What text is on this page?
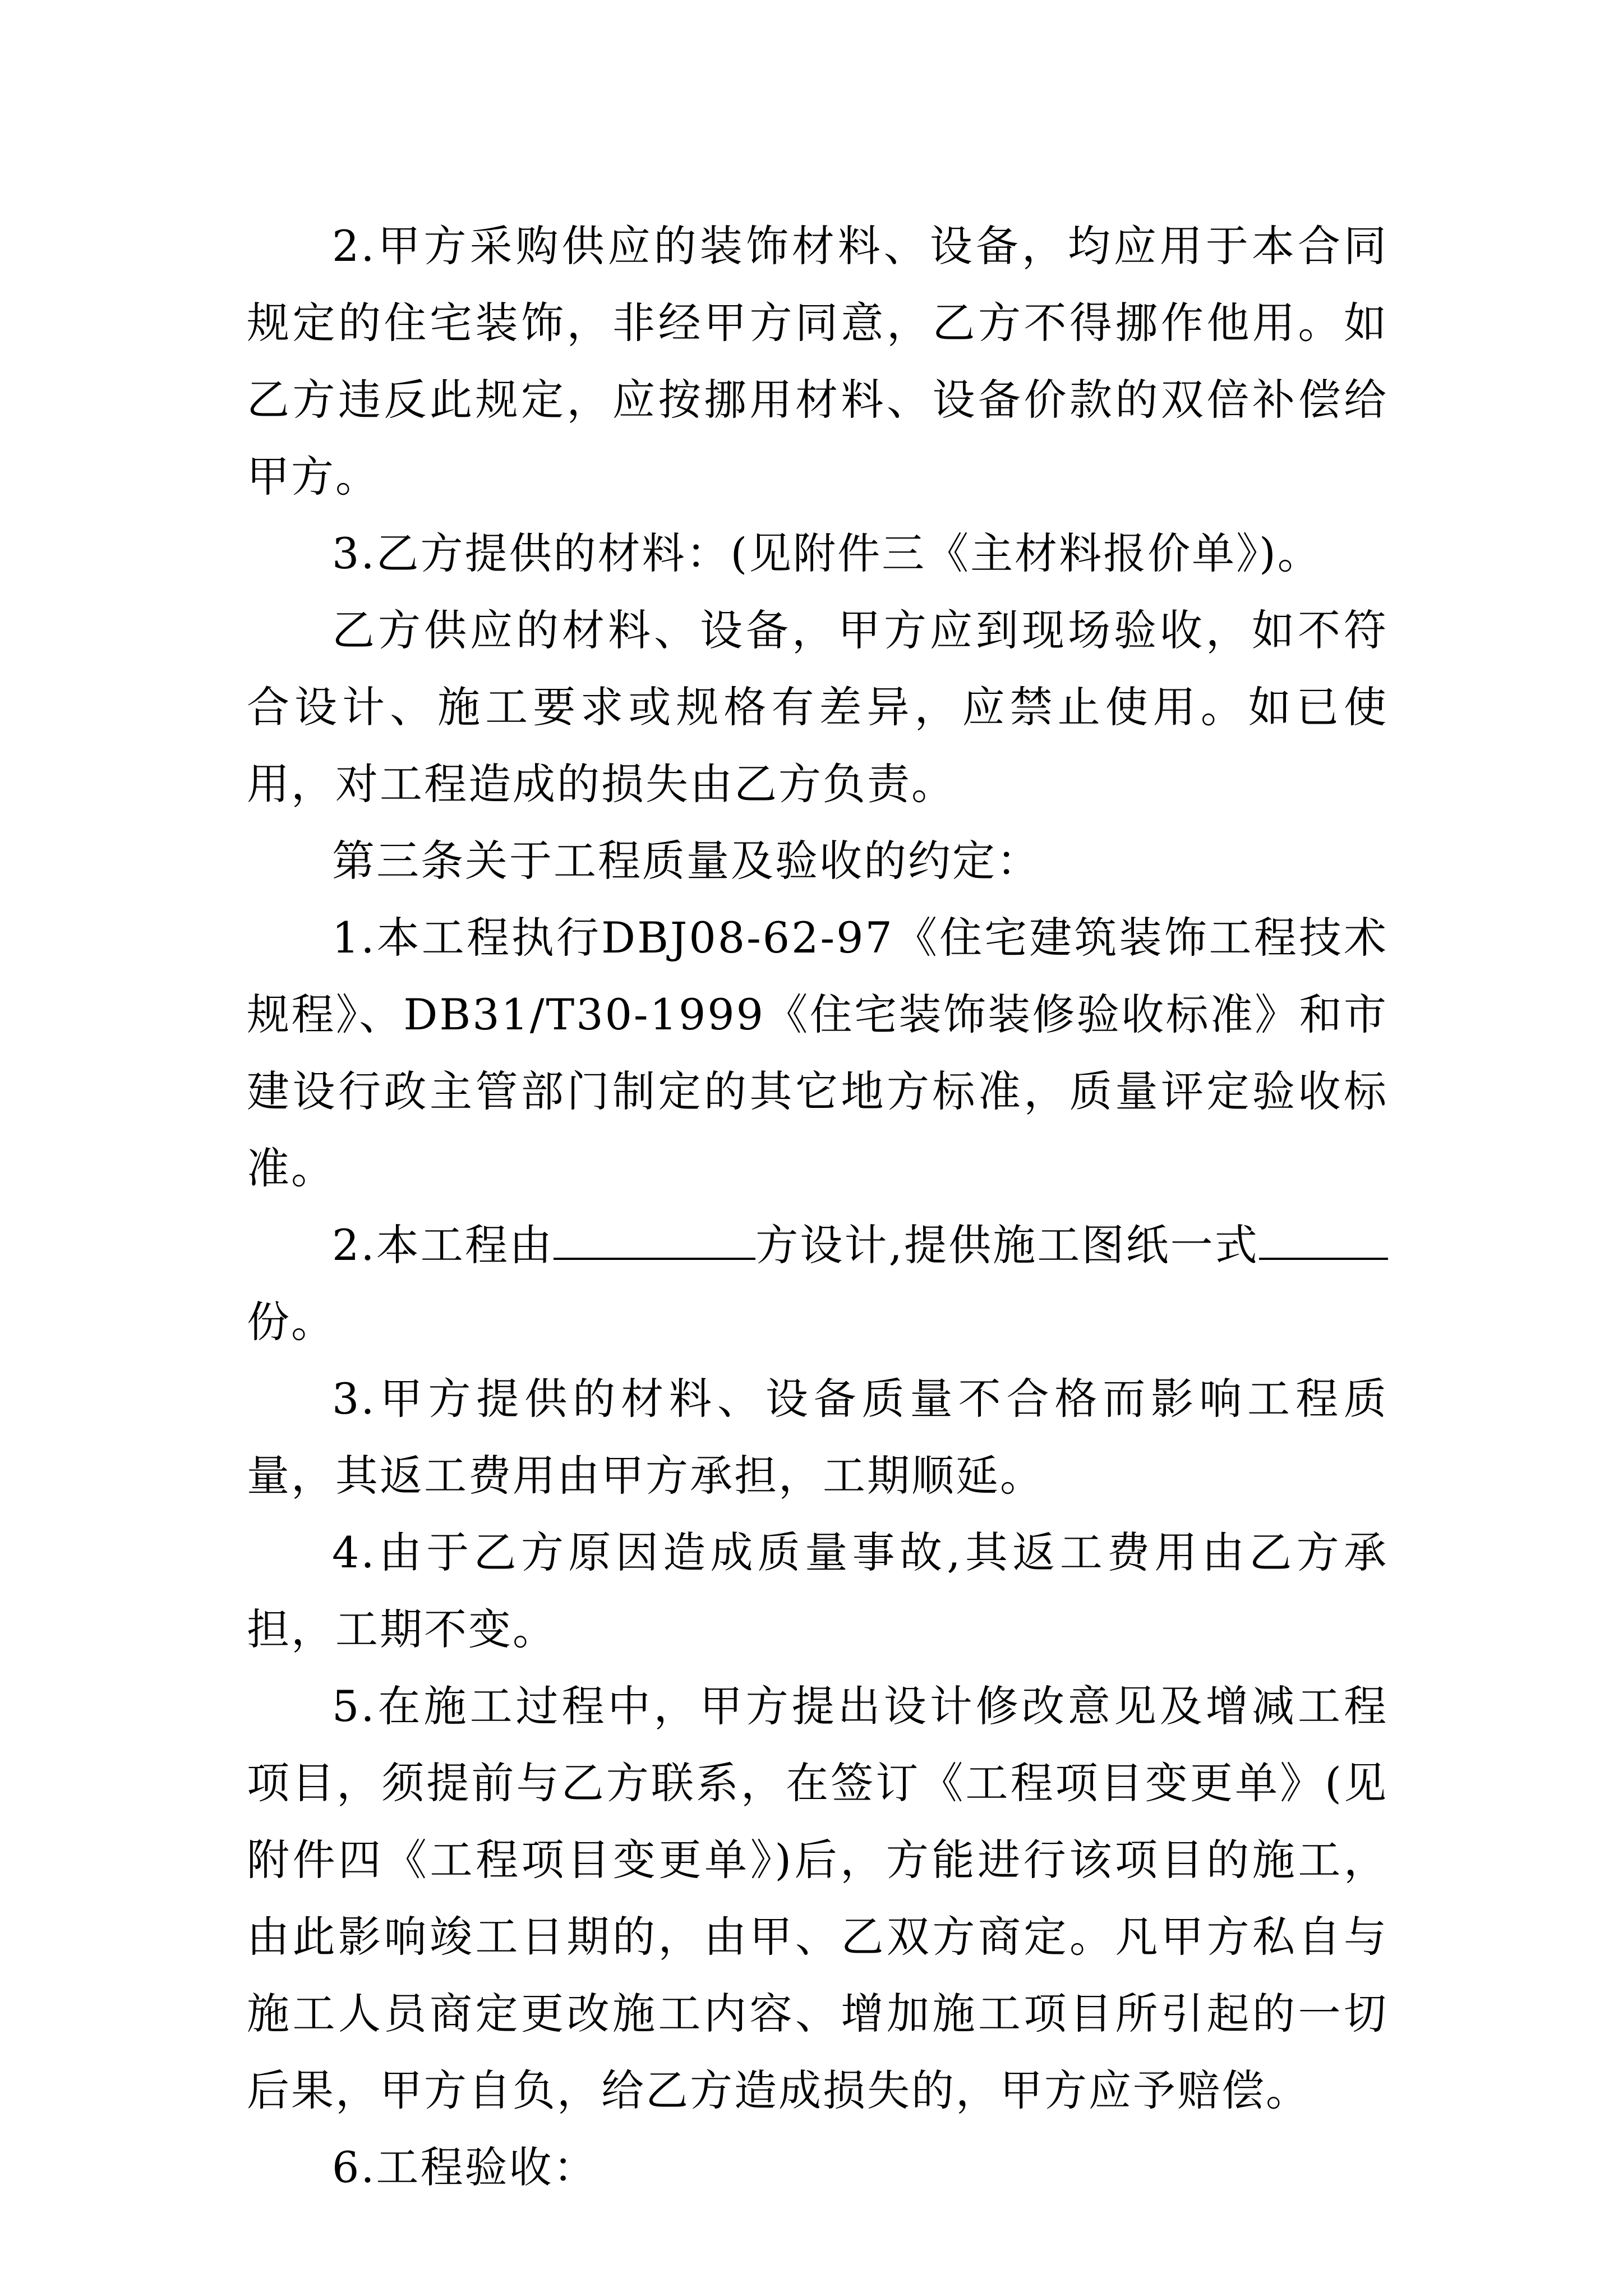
2.甲方采购供应的装饰材料、设备，均应用于本合同规定的住宅装饰，非经甲方同意，乙方不得挪作他用。如乙方违反此规定，应按挪用材料、设备价款的双倍补偿给甲方。

3.乙方提供的材料：(见附件三《主材料报价单》)。

乙方供应的材料、设备，甲方应到现场验收，如不符合设计、施工要求或规格有差异，应禁止使用。如已使用，对工程造成的损失由乙方负责。

第三条关于工程质量及验收的约定：

1.本工程执行DBJ08-62-97《住宅建筑装饰工程技术规程》、DB31/T30-1999《住宅装饰装修验收标准》和市建设行政主管部门制定的其它地方标准，质量评定验收标准。

2.本工程由	方设计,提供施工图纸一式份。

3.甲方提供的材料、设备质量不合格而影响工程质量，其返工费用由甲方承担，工期顺延。

4.由于乙方原因造成质量事故,其返工费用由乙方承担，工期不变。

5.在施工过程中，甲方提出设计修改意见及增减工程项目，须提前与乙方联系，在签订《工程项目变更单》(见附件四《工程项目变更单》)后，方能进行该项目的施工，由此影响竣工日期的，由甲、乙双方商定。凡甲方私自与施工人员商定更改施工内容、增加施工项目所引起的一切后果，甲方自负，给乙方造成损失的，甲方应予赔偿。

6.工程验收：
